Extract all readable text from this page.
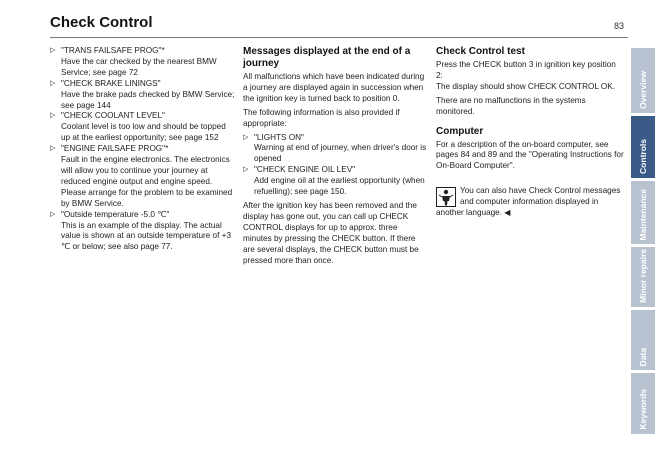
Check Control	83
▷ "TRANS FAILSAFE PROG"*
Have the car checked by the nearest BMW Service; see page 72
▷ "CHECK BRAKE LININGS"
Have the brake pads checked by BMW Service; see page 144
▷ "CHECK COOLANT LEVEL"
Coolant level is too low and should be topped up at the earliest opportunity; see page 152
▷ "ENGINE FAILSAFE PROG"*
Fault in the engine electronics. The electronics will allow you to continue your journey at reduced engine output and engine speed.
Please arrange for the problem to be examined by BMW Service.
▷ "Outside temperature -5.0 ℃"
This is an example of the display. The actual value is shown at an outside temperature of +3 ℃ or below; see also page 77.
Messages displayed at the end of a journey
All malfunctions which have been indicated during a journey are displayed again in succession when the ignition key is turned back to position 0.
The following information is also provided if appropriate:
▷ "LIGHTS ON"
Warning at end of journey, when driver's door is opened
▷ "CHECK ENGINE OIL LEV"
Add engine oil at the earliest opportunity (when refuelling); see page 150.
After the ignition key has been removed and the display has gone out, you can call up CHECK CONTROL displays for up to approx. three minutes by pressing the CHECK button. If there are several displays, the CHECK button must be pressed more than once.
Check Control test
Press the CHECK button 3 in ignition key position 2:
The display should show CHECK CONTROL OK.
There are no malfunctions in the systems monitored.
Computer
For a description of the on-board computer, see pages 84 and 89 and the "Operating Instructions for On-Board Computer".
You can also have Check Control messages and computer information displayed in another language. ◀
Overview
Controls
Maintenance
Minor repairs
Data
Keywords
